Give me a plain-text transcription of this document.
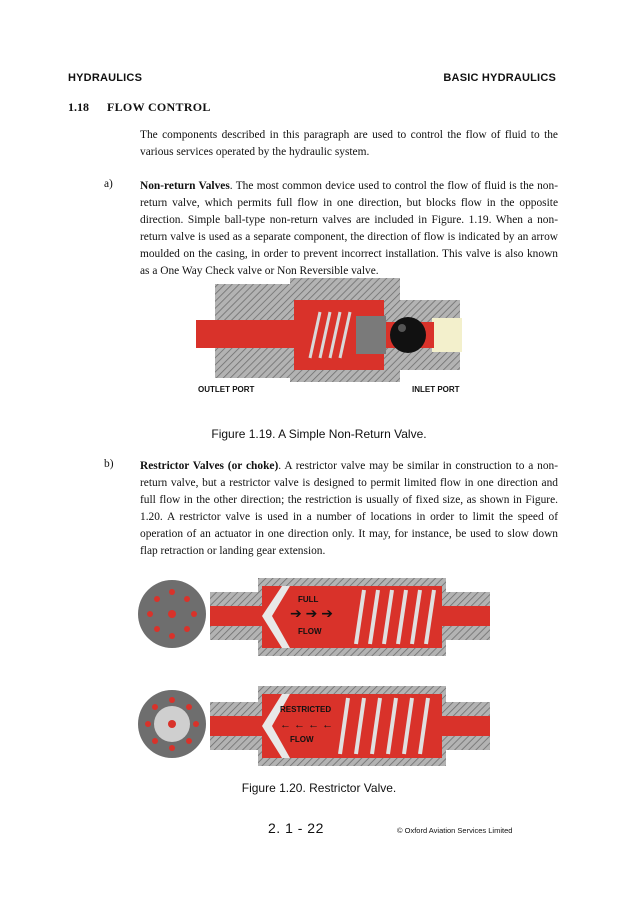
HYDRAULICS	BASIC HYDRAULICS
1.18 FLOW CONTROL
The components described in this paragraph are used to control the flow of fluid to the various services operated by the hydraulic system.
a) Non-return Valves. The most common device used to control the flow of fluid is the non-return valve, which permits full flow in one direction, but blocks flow in the opposite direction. Simple ball-type non-return valves are included in Figure. 1.19. When a non-return valve is used as a separate component, the direction of flow is indicated by an arrow moulded on the casing, in order to prevent incorrect installation. This valve is also known as a One Way Check valve or Non Reversible valve.
OUTLET PORT	INLET PORT
Figure 1.19. A Simple Non-Return Valve.
b) Restrictor Valves (or choke). A restrictor valve may be similar in construction to a non-return valve, but a restrictor valve is designed to permit limited flow in one direction and full flow in the other direction; the restriction is usually of fixed size, as shown in Figure. 1.20. A restrictor valve is used in a number of locations in order to limit the speed of operation of an actuator in one direction only. It may, for instance, be used to slow down flap retraction or landing gear extension.
FULL
➔ ➔ ➔
FLOW
RESTRICTED
← ← ← ←
FLOW
Figure 1.20. Restrictor Valve.
2. 1 - 22	© Oxford Aviation Services Limited
